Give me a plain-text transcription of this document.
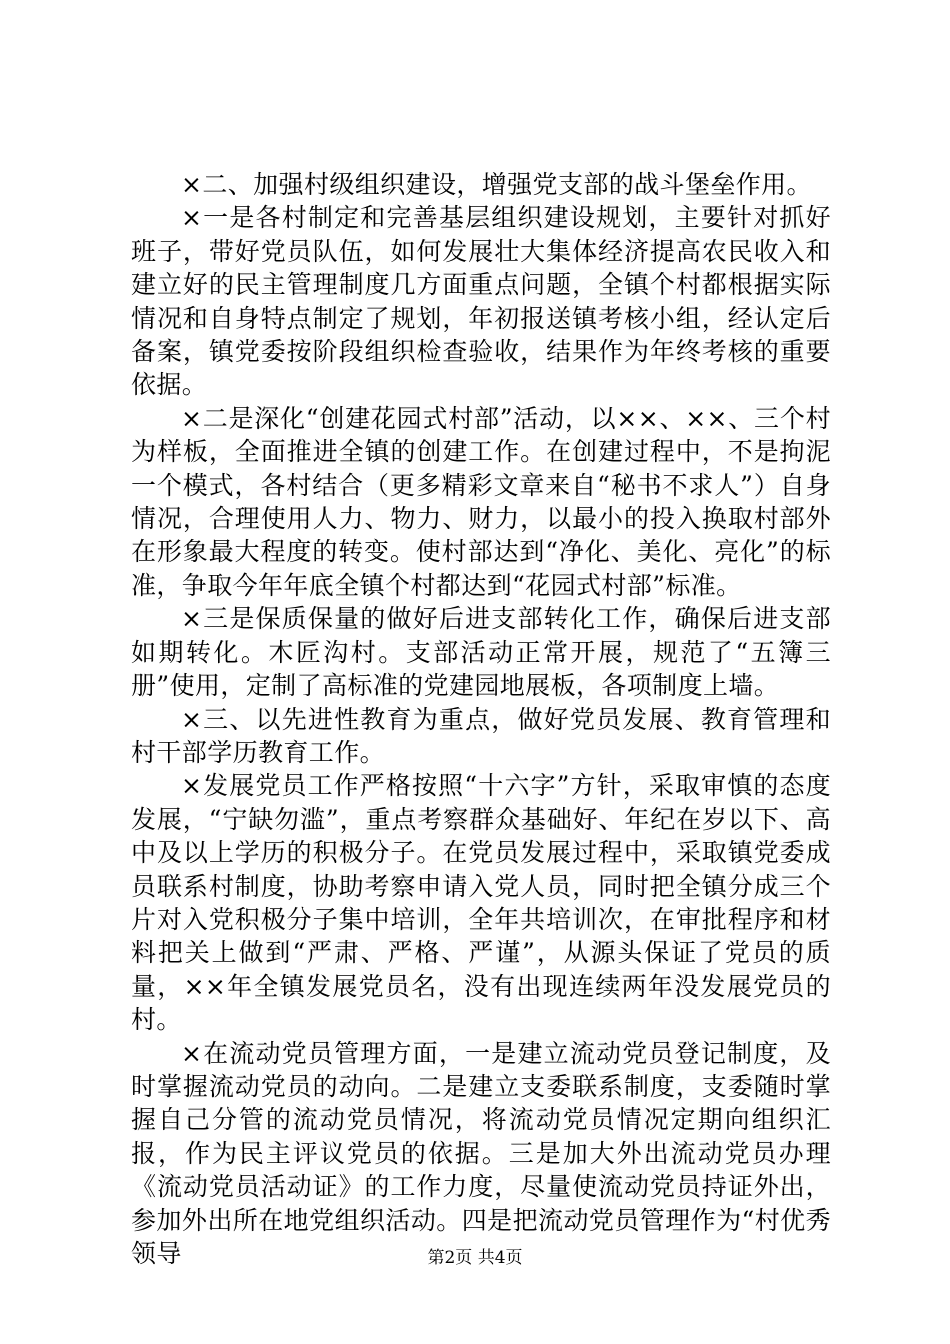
×二、加强村级组织建设，增强党支部的战斗堡垒作用。

×一是各村制定和完善基层组织建设规划，主要针对抓好班子，带好党员队伍，如何发展壮大集体经济提高农民收入和建立好的民主管理制度几方面重点问题，全镇个村都根据实际情况和自身特点制定了规划，年初报送镇考核小组，经认定后备案，镇党委按阶段组织检查验收，结果作为年终考核的重要依据。

×二是深化“创建花园式村部”活动，以××、××、三个村为样板，全面推进全镇的创建工作。在创建过程中，不是拘泥一个模式，各村结合（更多精彩文章来自“秘书不求人”）自身情况，合理使用人力、物力、财力，以最小的投入换取村部外在形象最大程度的转变。使村部达到“净化、美化、亮化”的标准，争取今年年底全镇个村都达到“花园式村部”标准。

×三是保质保量的做好后进支部转化工作，确保后进支部如期转化。木匠沟村。支部活动正常开展，规范了“五簿三册”使用，定制了高标准的党建园地展板，各项制度上墙。

×三、以先进性教育为重点，做好党员发展、教育管理和村干部学历教育工作。

×发展党员工作严格按照“十六字”方针，采取审慎的态度发展，“宁缺勿滥”，重点考察群众基础好、年纪在岁以下、高中及以上学历的积极分子。在党员发展过程中，采取镇党委成员联系村制度，协助考察申请入党人员，同时把全镇分成三个片对入党积极分子集中培训，全年共培训次，在审批程序和材料把关上做到“严肃、严格、严谨”，从源头保证了党员的质量，××年全镇发展党员名，没有出现连续两年没发展党员的村。

×在流动党员管理方面，一是建立流动党员登记制度，及时掌握流动党员的动向。二是建立支委联系制度，支委随时掌握自己分管的流动党员情况，将流动党员情况定期向组织汇报，作为民主评议党员的依据。三是加大外出流动党员办理《流动党员活动证》的工作力度，尽量使流动党员持证外出，参加外出所在地党组织活动。四是把流动党员管理作为“村优秀领导	第2页 共4页
